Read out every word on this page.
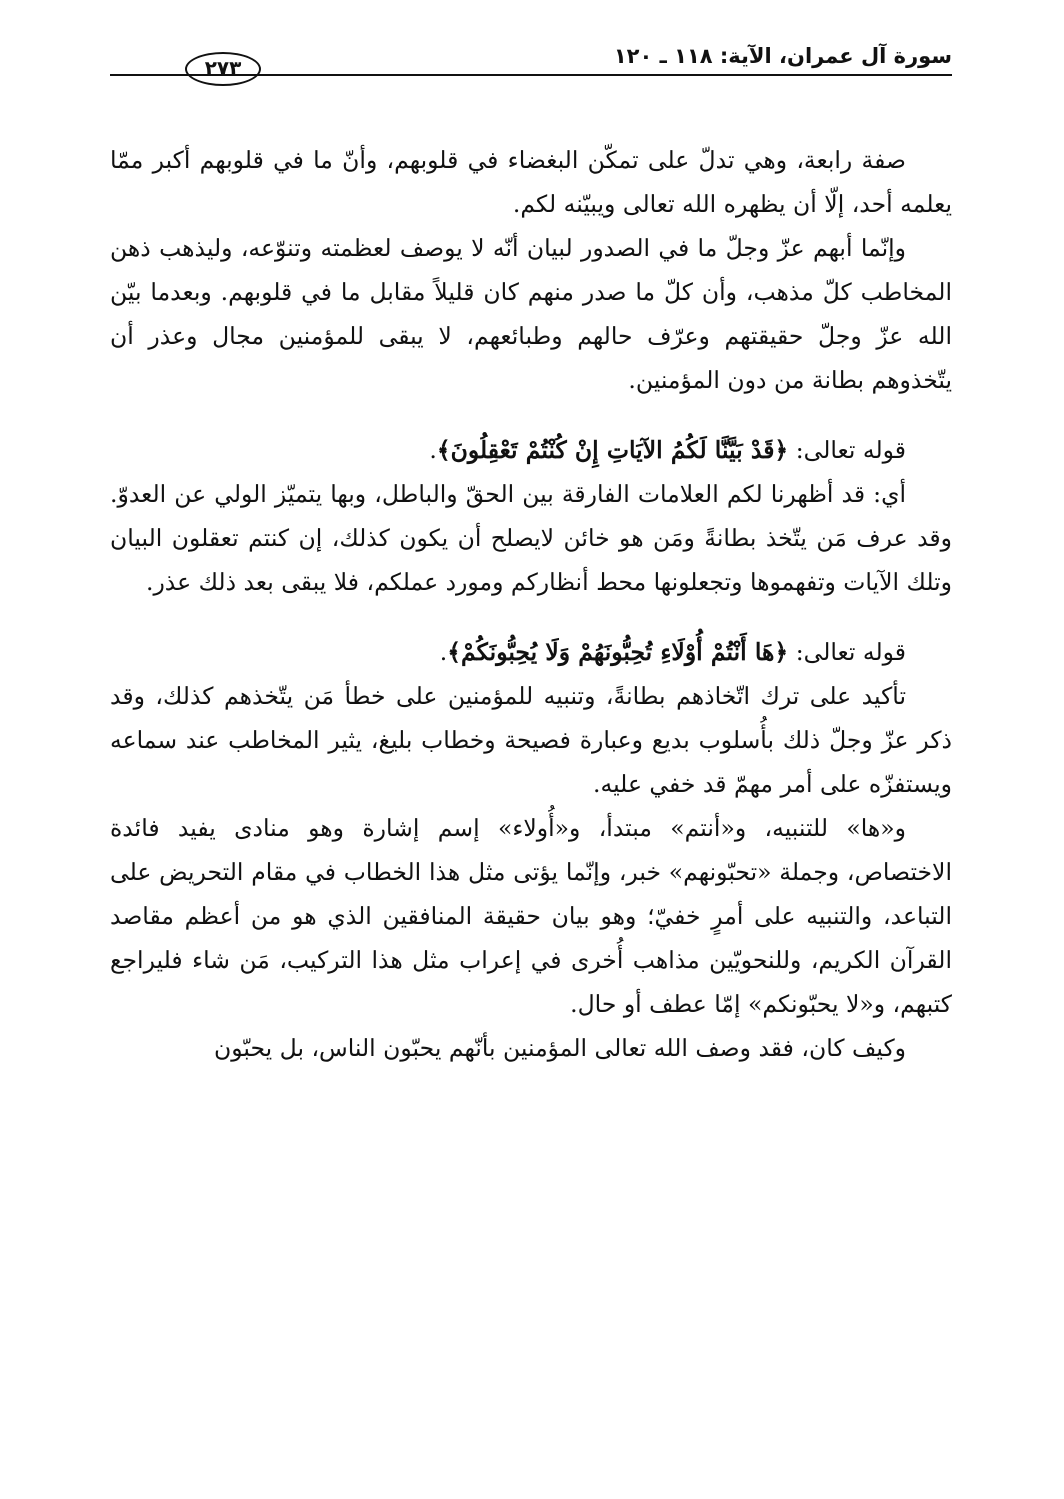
سورة آل عمران، الآية: ١١٨ ـ ١٢٠
٢٧٣

صفة رابعة، وهي تدلّ على تمكّن البغضاء في قلوبهم، وأنّ ما في قلوبهم أكبر ممّا يعلمه أحد، إلّا أن يظهره الله تعالى ويبيّنه لكم.

وإنّما أبهم عزّ وجلّ ما في الصدور لبيان أنّه لا يوصف لعظمته وتنوّعه، وليذهب ذهن المخاطب كلّ مذهب، وأن كلّ ما صدر منهم كان قليلاً مقابل ما في قلوبهم. وبعدما بيّن الله عزّ وجلّ حقيقتهم وعرّف حالهم وطبائعهم، لا يبقى للمؤمنين مجال وعذر أن يتّخذوهم بطانة من دون المؤمنين.

قوله تعالى: ﴿قَدْ بَيَّنَّا لَكُمُ الآيَاتِ إِنْ كُنْتُمْ تَعْقِلُونَ﴾.

أي: قد أظهرنا لكم العلامات الفارقة بين الحقّ والباطل، وبها يتميّز الولي عن العدوّ. وقد عرف مَن يتّخذ بطانةً ومَن هو خائن لايصلح أن يكون كذلك، إن كنتم تعقلون البيان وتلك الآيات وتفهموها وتجعلونها محط أنظاركم ومورد عملكم، فلا يبقى بعد ذلك عذر.

قوله تعالى: ﴿هَا أَنْتُمْ أُوْلَاءِ تُحِبُّونَهُمْ وَلَا يُحِبُّونَكُمْ﴾.

تأكيد على ترك اتّخاذهم بطانةً، وتنبيه للمؤمنين على خطأ مَن يتّخذهم كذلك، وقد ذكر عزّ وجلّ ذلك بأُسلوب بديع وعبارة فصيحة وخطاب بليغ، يثير المخاطب عند سماعه ويستفزّه على أمر مهمّ قد خفي عليه.

و«ها» للتنبيه، و«أنتم» مبتدأ، و«أُولاء» إسم إشارة وهو منادى يفيد فائدة الاختصاص، وجملة «تحبّونهم» خبر، وإنّما يؤتى مثل هذا الخطاب في مقام التحريض على التباعد، والتنبيه على أمرٍ خفيّ؛ وهو بيان حقيقة المنافقين الذي هو من أعظم مقاصد القرآن الكريم، وللنحويّين مذاهب أُخرى في إعراب مثل هذا التركيب، مَن شاء فليراجع كتبهم، و«لا يحبّونكم» إمّا عطف أو حال.

وكيف كان، فقد وصف الله تعالى المؤمنين بأنّهم يحبّون الناس، بل يحبّون
